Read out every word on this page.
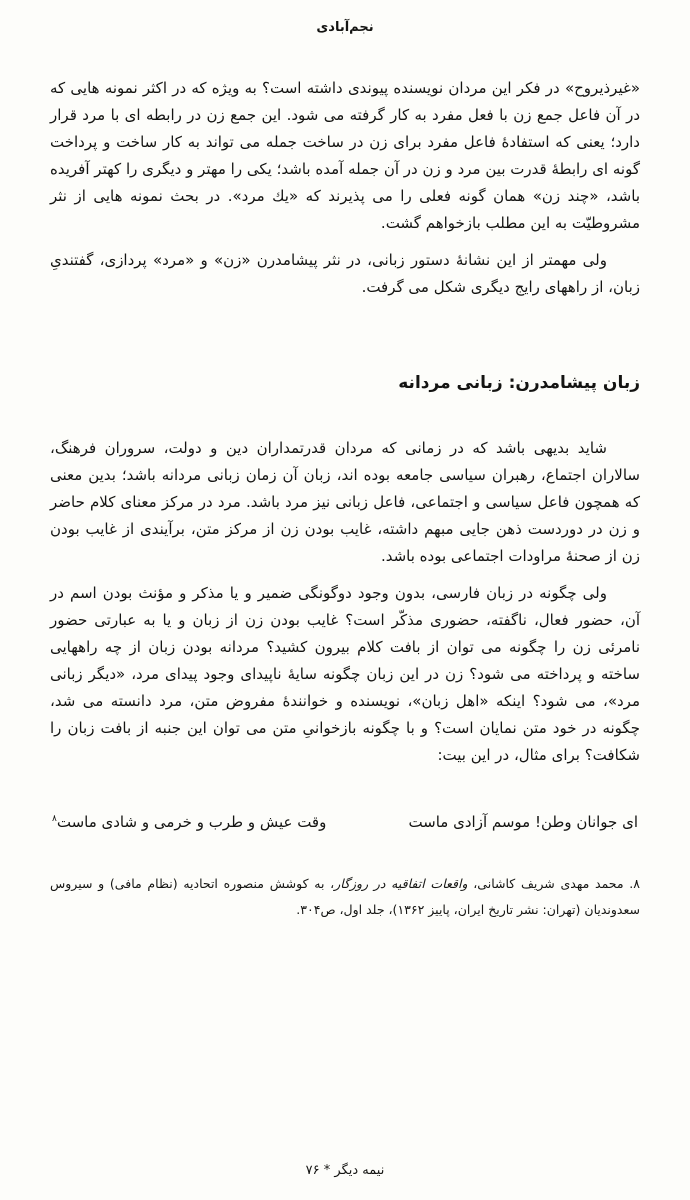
نجم‌آبادی

«غیرذیروح» در فکر این مردان نویسنده پیوندی داشته است؟ به ویژه که در اکثر نمونه هایی که در آن فاعل جمع زن با فعل مفرد به کار گرفته می شود. این جمع زن در رابطه ای با مرد قرار دارد؛ یعنی که استفادهٔ فاعل مفرد برای زن در ساخت جمله می تواند به کار ساخت و پرداخت گونه ای رابطهٔ قدرت بین مرد و زن در آن جمله آمده باشد؛ یکی را مهتر و دیگری را کهتر آفریده باشد، «چند زن» همان گونه فعلی را می پذیرند که «یك مرد». در بحث نمونه هایی از نثر مشروطیّت به این مطلب بازخواهم گشت.

ولی مهمتر از این نشانهٔ دستور زبانی، در نثر پیشامدرن «زن» و «مرد» پردازی، گفتندیِ زبان، از راههای رایج دیگری شکل می گرفت.

زبان پیشامدرن: زبانی مردانه

شاید بدیهی باشد که در زمانی که مردان قدرتمداران دین و دولت، سروران فرهنگ، سالاران اجتماع، رهبران سیاسی جامعه بوده اند، زبان آن زمان زبانی مردانه باشد؛ بدین معنی که همچون فاعل سیاسی و اجتماعی، فاعل زبانی نیز مرد باشد. مرد در مرکز معنای کلام حاضر و زن در دوردست ذهن جایی مبهم داشته، غایب بودن زن از مرکز متن، برآیندی از غایب بودن زن از صحنهٔ مراودات اجتماعی بوده باشد.

ولی چگونه در زبان فارسی، بدون وجود دوگونگی ضمیر و یا مذکر و مؤنث بودن اسم در آن، حضور فعال، ناگفته، حضوری مذکّر است؟ غایب بودن زن از زبان و یا به عبارتی حضور نامرئی زن را چگونه می توان از بافت کلام بیرون کشید؟ مردانه بودن زبان از چه راههایی ساخته و پرداخته می شود؟ زن در این زبان چگونه سایهٔ ناپیدای وجود پیدای مرد، «دیگر زبانی مرد»، می شود؟ اینکه «اهل زبان»، نویسنده و خوانندهٔ مفروض متن، مرد دانسته می شد، چگونه در خود متن نمایان است؟ و با چگونه بازخوانیِ متن می توان این جنبه از بافت زبان را شکافت؟ برای مثال، در این بیت:

ای جوانان وطن! موسم آزادی ماست
وقت عیش و طرب و خرمی و شادی ماست$^۸$

۸. محمد مهدی شریف کاشانی، واقعات اتفاقیه در روزگار، به کوشش منصوره اتحادیه (نظام مافی) و سیروس سعدوندیان (تهران: نشر تاریخ ایران، پاییز ۱۳۶۲)، جلد اول، ص۳۰۴.

نیمه دیگر * ۷۶
